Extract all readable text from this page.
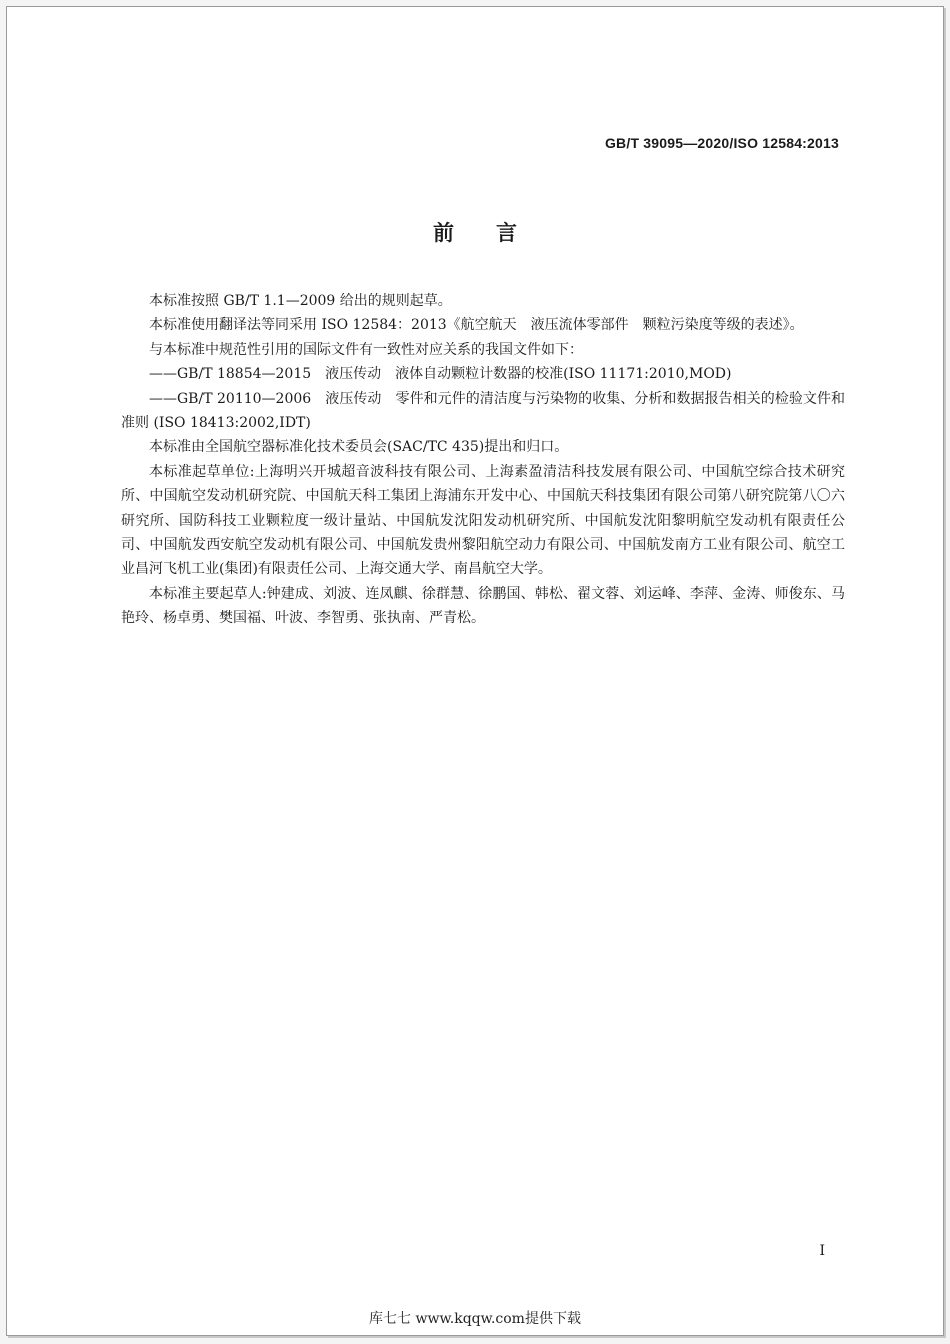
GB/T 39095—2020/ISO 12584:2013
前言

本标准按照 GB/T 1.1—2009 给出的规则起草。

本标准使用翻译法等同采用 ISO 12584：2013《航空航天　液压流体零部件　颗粒污染度等级的表述》。

与本标准中规范性引用的国际文件有一致性对应关系的我国文件如下：

——GB/T 18854—2015　液压传动　液体自动颗粒计数器的校准(ISO 11171:2010,MOD)

——GB/T 20110—2006　液压传动　零件和元件的清洁度与污染物的收集、分析和数据报告相关的检验文件和准则 (ISO 18413:2002,IDT)

本标准由全国航空器标准化技术委员会(SAC/TC 435)提出和归口。

本标准起草单位:上海明兴开城超音波科技有限公司、上海素盈清洁科技发展有限公司、中国航空综合技术研究所、中国航空发动机研究院、中国航天科工集团上海浦东开发中心、中国航天科技集团有限公司第八研究院第八〇六研究所、国防科技工业颗粒度一级计量站、中国航发沈阳发动机研究所、中国航发沈阳黎明航空发动机有限责任公司、中国航发西安航空发动机有限公司、中国航发贵州黎阳航空动力有限公司、中国航发南方工业有限公司、航空工业昌河飞机工业(集团)有限责任公司、上海交通大学、南昌航空大学。

本标准主要起草人:钟建成、刘波、连凤麒、徐群慧、徐鹏国、韩松、翟文蓉、刘运峰、李萍、金涛、师俊东、马艳玲、杨卓勇、樊国福、叶波、李智勇、张执南、严青松。

I
库七七 www.kqqw.com提供下载
